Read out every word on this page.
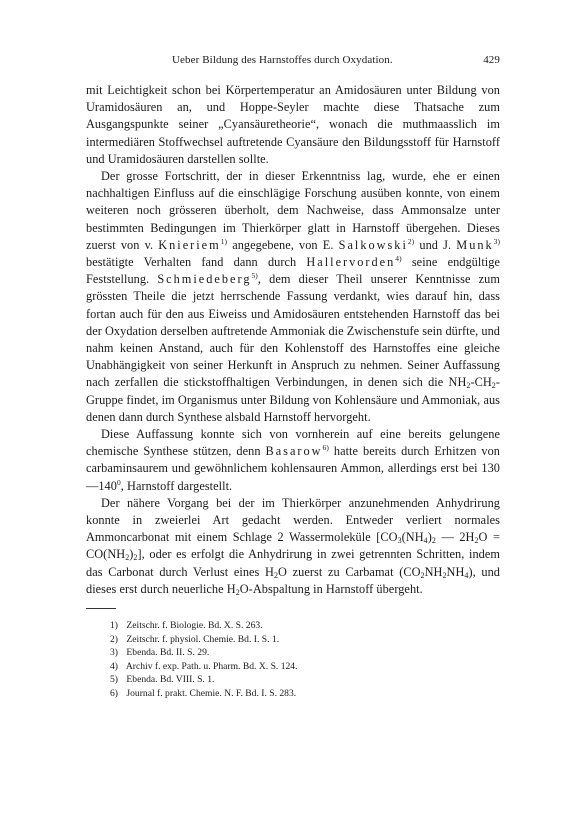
Ueber Bildung des Harnstoffes durch Oxydation.	429

mit Leichtigkeit schon bei Körpertemperatur an Amidosäuren unter Bildung von Uramidosäuren an, und Hoppe-Seyler machte diese Thatsache zum Ausgangspunkte seiner „Cyansäuretheorie“, wonach die muthmaasslich im intermediären Stoffwechsel auftretende Cyansäure den Bildungsstoff für Harnstoff und Uramidosäuren darstellen sollte.

Der grosse Fortschritt, der in dieser Erkenntniss lag, wurde, ehe er einen nachhaltigen Einfluss auf die einschlägige Forschung ausüben konnte, von einem weiteren noch grösseren überholt, dem Nachweise, dass Ammonsalze unter bestimmten Bedingungen im Thierkörper glatt in Harnstoff übergehen. Dieses zuerst von v. Knieriem$^{1)}$ angegebene, von E. Salkowski$^{2)}$ und J. Munk$^{3)}$ bestätigte Verhalten fand dann durch Hallervorden$^{4)}$ seine endgültige Feststellung. Schmiedeberg$^{5)}$, dem dieser Theil unserer Kenntnisse zum grössten Theile die jetzt herrschende Fassung verdankt, wies darauf hin, dass fortan auch für den aus Eiweiss und Amidosäuren entstehenden Harnstoff das bei der Oxydation derselben auftretende Ammoniak die Zwischenstufe sein dürfte, und nahm keinen Anstand, auch für den Kohlenstoff des Harnstoffes eine gleiche Unabhängigkeit von seiner Herkunft in Anspruch zu nehmen. Seiner Auffassung nach zerfallen die stickstoffhaltigen Verbindungen, in denen sich die $NH_2-CH_2$-Gruppe findet, im Organismus unter Bildung von Kohlensäure und Ammoniak, aus denen dann durch Synthese alsbald Harnstoff hervorgeht.

Diese Auffassung konnte sich von vornherein auf eine bereits gelungene chemische Synthese stützen, denn Basarow$^{6)}$ hatte bereits durch Erhitzen von carbaminsaurem und gewöhnlichem kohlensauren Ammon, allerdings erst bei $130—140^0$, Harnstoff dargestellt.

Der nähere Vorgang bei der im Thierkörper anzunehmenden Anhydrirung konnte in zweierlei Art gedacht werden. Entweder verliert normales Ammoncarbonat mit einem Schlage 2 Wassermoleküle [$CO_3(NH_4)_2$ — $2H_2O = CO(NH_2)_2$], oder es erfolgt die Anhydrirung in zwei getrennten Schritten, indem das Carbonat durch Verlust eines $H_2O$ zuerst zu Carbamat $(CO_2NH_2NH_4)$, und dieses erst durch neuerliche $H_2O$-Abspaltung in Harnstoff übergeht.

1) Zeitschr. f. Biologie. Bd. X. S. 263.
2) Zeitschr. f. physiol. Chemie. Bd. I. S. 1.
3) Ebenda. Bd. II. S. 29.
4) Archiv f. exp. Path. u. Pharm. Bd. X. S. 124.
5) Ebenda. Bd. VIII. S. 1.
6) Journal f. prakt. Chemie. N. F. Bd. I. S. 283.
